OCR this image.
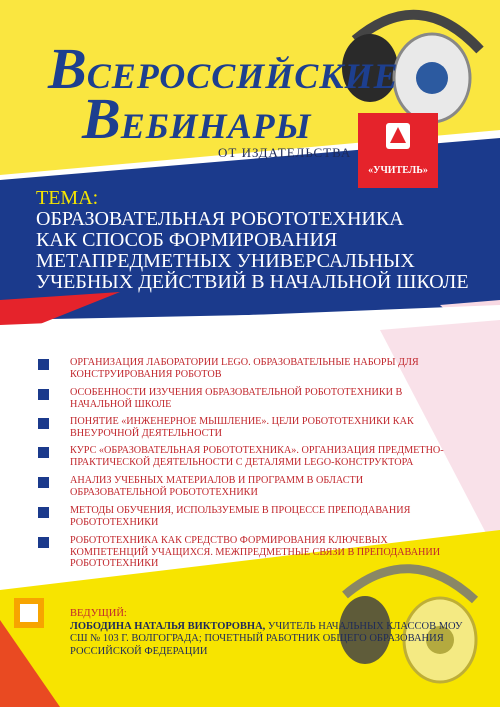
ВСЕРОССИЙСКИЕ
ВЕБИНАРЫ
ОТ ИЗДАТЕЛЬСТВА
«УЧИТЕЛЬ»
ТЕМА:
ОБРАЗОВАТЕЛЬНАЯ РОБОТОТЕХНИКА
КАК СПОСОБ ФОРМИРОВАНИЯ
МЕТАПРЕДМЕТНЫХ УНИВЕРСАЛЬНЫХ
УЧЕБНЫХ ДЕЙСТВИЙ В НАЧАЛЬНОЙ ШКОЛЕ
ОРГАНИЗАЦИЯ ЛАБОРАТОРИИ LEGO. ОБРАЗОВАТЕЛЬНЫЕ НАБОРЫ ДЛЯ КОНСТРУИРОВАНИЯ РОБОТОВ
ОСОБЕННОСТИ ИЗУЧЕНИЯ ОБРАЗОВАТЕЛЬНОЙ РОБОТОТЕХНИКИ В НАЧАЛЬНОЙ ШКОЛЕ
ПОНЯТИЕ «ИНЖЕНЕРНОЕ МЫШЛЕНИЕ». ЦЕЛИ РОБОТОТЕХНИКИ КАК ВНЕУРОЧНОЙ ДЕЯТЕЛЬНОСТИ
КУРС «ОБРАЗОВАТЕЛЬНАЯ РОБОТОТЕХНИКА». ОРГАНИЗАЦИЯ ПРЕДМЕТНО-ПРАКТИЧЕСКОЙ ДЕЯТЕЛЬНОСТИ С ДЕТАЛЯМИ LEGO-КОНСТРУКТОРА
АНАЛИЗ УЧЕБНЫХ МАТЕРИАЛОВ И ПРОГРАММ В ОБЛАСТИ ОБРАЗОВАТЕЛЬНОЙ РОБОТОТЕХНИКИ
МЕТОДЫ ОБУЧЕНИЯ, ИСПОЛЬЗУЕМЫЕ В ПРОЦЕССЕ ПРЕПОДАВАНИЯ РОБОТОТЕХНИКИ
РОБОТОТЕХНИКА КАК СРЕДСТВО ФОРМИРОВАНИЯ КЛЮЧЕВЫХ КОМПЕТЕНЦИЙ УЧАЩИХСЯ. МЕЖПРЕДМЕТНЫЕ СВЯЗИ В ПРЕПОДАВАНИИ РОБОТОТЕХНИКИ
ВЕДУЩИЙ:
ЛОБОДИНА НАТАЛЬЯ ВИКТОРОВНА, УЧИТЕЛЬ НАЧАЛЬНЫХ КЛАССОВ МОУ СШ № 103 Г. ВОЛГОГРАДА; ПОЧЕТНЫЙ РАБОТНИК ОБЩЕГО ОБРАЗОВАНИЯ РОССИЙСКОЙ ФЕДЕРАЦИИ
